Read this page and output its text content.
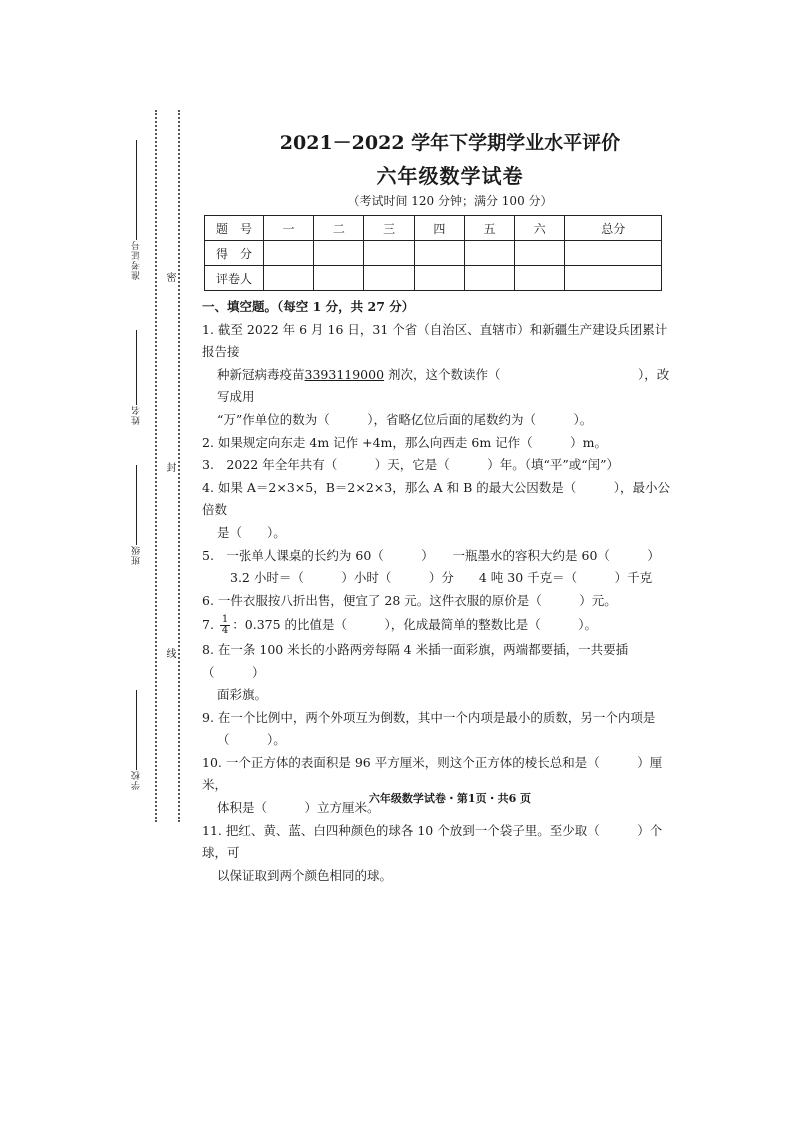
准考证号
姓名
班级
学校
密
封
线
2021－2022 学年下学期学业水平评价
六年级数学试卷
（考试时间 120 分钟；满分 100 分）
题　号	一	二	三	四	五	六	总分
得　分							
评卷人							

一、填空题。（每空 1 分，共 27 分）

1. 截至 2022 年 6 月 16 日，31 个省（自治区、直辖市）和新疆生产建设兵团累计报告接

种新冠病毒疫苗3393119000 剂次，这个数读作（　　　　　　　　　　　），改写成用

“万”作单位的数为（　　　），省略亿位后面的尾数约为（　　　）。

2. 如果规定向东走 4m 记作 +4m，那么向西走 6m 记作（　　　）m。

3.　2022 年全年共有（　　　）天，它是（　　　）年。（填“平”或“闰”）

4. 如果 A＝2×3×5，B＝2×2×3，那么 A 和 B 的最大公因数是（　　　），最小公倍数

是（　　）。

5.　一张单人课桌的长约为 60（　　　）　　一瓶墨水的容积大约是 60（　　　）

3.2 小时＝（　　　）小时（　　　）分　　4 吨 30 千克＝（　　　）千克

6. 一件衣服按八折出售，便宜了 28 元。这件衣服的原价是（　　　）元。

7. $\frac{1}{4}$ ：0.375 的比值是（　　　），化成最简单的整数比是（　　　）。

8. 在一条 100 米长的小路两旁每隔 4 米插一面彩旗，两端都要插，一共要插（　　　）

面彩旗。

9. 在一个比例中，两个外项互为倒数，其中一个内项是最小的质数，另一个内项是

（　　　）。

10. 一个正方体的表面积是 96 平方厘米，则这个正方体的棱长总和是（　　　）厘米，

体积是（　　　）立方厘米。

11. 把红、黄、蓝、白四种颜色的球各 10 个放到一个袋子里。至少取（　　　）个球，可

以保证取到两个颜色相同的球。

六年级数学试卷・第1页・共6 页
